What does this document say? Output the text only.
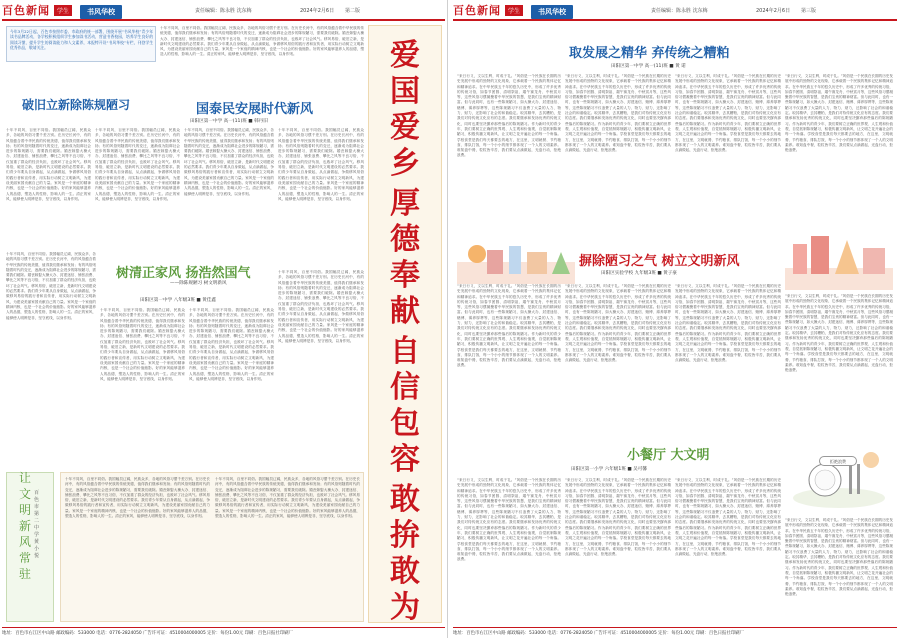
百色新闻	学生	书风华校	责任编辑：陈永胜 沈东梅	2024年2月6日 第二版
今年3月22日起，百色市按照市委、市政府的统一部署，围绕开展“书风华校”青少年读书品牌活动，各学校积极组织学生参加读书活动，营造书香校园，培养学生良好的阅读习惯，提升学生的阅读能力和人文素养，本报特开设“书风华校”专栏，刊登学生优秀作品，敬请关注。
十年不同风，百里不同俗。我国幅员辽阔，民族众多，各地的风俗习惯千差万别。在历史长河中，有的风俗蕴含着中华民族的传统美德，值得我们继承和发扬；有的风俗则随着时代的变迁，逐渐成为阻碍社会进步的陈规陋习，需要我们破除。婚丧嫁娶大操大办、封建迷信、铺张浪费、攀比之风等不良习俗，不仅加重了群众的经济负担，也败坏了社会风气。移风易俗，破旧立新，是新时代文明建设的必然要求。我们青少年要从自身做起，从点滴做起，争做移风易俗的践行者和宣传者，用实际行动树立文明新风，为建设美丽家园贡献自己的力量。家风是一个家庭的精神内核，也是一个社会的价值缩影。好的家风能够滋养人的品德，塑造人的性格，影响人的一生。清正的家风，能够使人明辨是非，坚守底线，以身作则。
破旧立新除陈规陋习	国泰民安展时代新风
田阳区第一中学 高一(11)班 ■ 韩丹旧
十年不同风，百里不同俗。我国幅员辽阔，民族众多，各地的风俗习惯千差万别。在历史长河中，有的风俗蕴含着中华民族的传统美德，值得我们继承和发扬；有的风俗则随着时代的变迁，逐渐成为阻碍社会进步的陈规陋习，需要我们破除。婚丧嫁娶大操大办、封建迷信、铺张浪费、攀比之风等不良习俗，不仅加重了群众的经济负担，也败坏了社会风气。移风易俗，破旧立新，是新时代文明建设的必然要求。我们青少年要从自身做起，从点滴做起，争做移风易俗的践行者和宣传者，用实际行动树立文明新风，为建设美丽家园贡献自己的力量。家风是一个家庭的精神内核，也是一个社会的价值缩影。好的家风能够滋养人的品德，塑造人的性格，影响人的一生。清正的家风，能够使人明辨是非，坚守底线，以身作则。
十年不同风，百里不同俗。我国幅员辽阔，民族众多，各地的风俗习惯千差万别。在历史长河中，有的风俗蕴含着中华民族的传统美德，值得我们继承和发扬；有的风俗则随着时代的变迁，逐渐成为阻碍社会进步的陈规陋习，需要我们破除。婚丧嫁娶大操大办、封建迷信、铺张浪费、攀比之风等不良习俗，不仅加重了群众的经济负担，也败坏了社会风气。移风易俗，破旧立新，是新时代文明建设的必然要求。我们青少年要从自身做起，从点滴做起，争做移风易俗的践行者和宣传者，用实际行动树立文明新风，为建设美丽家园贡献自己的力量。家风是一个家庭的精神内核，也是一个社会的价值缩影。好的家风能够滋养人的品德，塑造人的性格，影响人的一生。清正的家风，能够使人明辨是非，坚守底线，以身作则。
十年不同风，百里不同俗。我国幅员辽阔，民族众多，各地的风俗习惯千差万别。在历史长河中，有的风俗蕴含着中华民族的传统美德，值得我们继承和发扬；有的风俗则随着时代的变迁，逐渐成为阻碍社会进步的陈规陋习，需要我们破除。婚丧嫁娶大操大办、封建迷信、铺张浪费、攀比之风等不良习俗，不仅加重了群众的经济负担，也败坏了社会风气。移风易俗，破旧立新，是新时代文明建设的必然要求。我们青少年要从自身做起，从点滴做起，争做移风易俗的践行者和宣传者，用实际行动树立文明新风，为建设美丽家园贡献自己的力量。家风是一个家庭的精神内核，也是一个社会的价值缩影。好的家风能够滋养人的品德，塑造人的性格，影响人的一生。清正的家风，能够使人明辨是非，坚守底线，以身作则。
十年不同风，百里不同俗。我国幅员辽阔，民族众多，各地的风俗习惯千差万别。在历史长河中，有的风俗蕴含着中华民族的传统美德，值得我们继承和发扬；有的风俗则随着时代的变迁，逐渐成为阻碍社会进步的陈规陋习，需要我们破除。婚丧嫁娶大操大办、封建迷信、铺张浪费、攀比之风等不良习俗，不仅加重了群众的经济负担，也败坏了社会风气。移风易俗，破旧立新，是新时代文明建设的必然要求。我们青少年要从自身做起，从点滴做起，争做移风易俗的践行者和宣传者，用实际行动树立文明新风，为建设美丽家园贡献自己的力量。家风是一个家庭的精神内核，也是一个社会的价值缩影。好的家风能够滋养人的品德，塑造人的性格，影响人的一生。清正的家风，能够使人明辨是非，坚守底线，以身作则。
十年不同风，百里不同俗。我国幅员辽阔，民族众多，各地的风俗习惯千差万别。在历史长河中，有的风俗蕴含着中华民族的传统美德，值得我们继承和发扬；有的风俗则随着时代的变迁，逐渐成为阻碍社会进步的陈规陋习，需要我们破除。婚丧嫁娶大操大办、封建迷信、铺张浪费、攀比之风等不良习俗，不仅加重了群众的经济负担，也败坏了社会风气。移风易俗，破旧立新，是新时代文明建设的必然要求。我们青少年要从自身做起，从点滴做起，争做移风易俗的践行者和宣传者，用实际行动树立文明新风，为建设美丽家园贡献自己的力量。家风是一个家庭的精神内核，也是一个社会的价值缩影。好的家风能够滋养人的品德，塑造人的性格，影响人的一生。清正的家风，能够使人明辨是非，坚守底线，以身作则。
树清正家风 扬浩然国气
——除陈规陋习 树文明新风
田阳区第一中学 八年级3班 ■ 黄佳鑫
十年不同风，百里不同俗。我国幅员辽阔，民族众多，各地的风俗习惯千差万别。在历史长河中，有的风俗蕴含着中华民族的传统美德，值得我们继承和发扬；有的风俗则随着时代的变迁，逐渐成为阻碍社会进步的陈规陋习，需要我们破除。婚丧嫁娶大操大办、封建迷信、铺张浪费、攀比之风等不良习俗，不仅加重了群众的经济负担，也败坏了社会风气。移风易俗，破旧立新，是新时代文明建设的必然要求。我们青少年要从自身做起，从点滴做起，争做移风易俗的践行者和宣传者，用实际行动树立文明新风，为建设美丽家园贡献自己的力量。家风是一个家庭的精神内核，也是一个社会的价值缩影。好的家风能够滋养人的品德，塑造人的性格，影响人的一生。清正的家风，能够使人明辨是非，坚守底线，以身作则。
十年不同风，百里不同俗。我国幅员辽阔，民族众多，各地的风俗习惯千差万别。在历史长河中，有的风俗蕴含着中华民族的传统美德，值得我们继承和发扬；有的风俗则随着时代的变迁，逐渐成为阻碍社会进步的陈规陋习，需要我们破除。婚丧嫁娶大操大办、封建迷信、铺张浪费、攀比之风等不良习俗，不仅加重了群众的经济负担，也败坏了社会风气。移风易俗，破旧立新，是新时代文明建设的必然要求。我们青少年要从自身做起，从点滴做起，争做移风易俗的践行者和宣传者，用实际行动树立文明新风，为建设美丽家园贡献自己的力量。家风是一个家庭的精神内核，也是一个社会的价值缩影。好的家风能够滋养人的品德，塑造人的性格，影响人的一生。清正的家风，能够使人明辨是非，坚守底线，以身作则。
十年不同风，百里不同俗。我国幅员辽阔，民族众多，各地的风俗习惯千差万别。在历史长河中，有的风俗蕴含着中华民族的传统美德，值得我们继承和发扬；有的风俗则随着时代的变迁，逐渐成为阻碍社会进步的陈规陋习，需要我们破除。婚丧嫁娶大操大办、封建迷信、铺张浪费、攀比之风等不良习俗，不仅加重了群众的经济负担，也败坏了社会风气。移风易俗，破旧立新，是新时代文明建设的必然要求。我们青少年要从自身做起，从点滴做起，争做移风易俗的践行者和宣传者，用实际行动树立文明新风，为建设美丽家园贡献自己的力量。家风是一个家庭的精神内核，也是一个社会的价值缩影。好的家风能够滋养人的品德，塑造人的性格，影响人的一生。清正的家风，能够使人明辨是非，坚守底线，以身作则。
让文明新风常驻
百色市第二中学 黄小悦
十年不同风，百里不同俗。我国幅员辽阔，民族众多，各地的风俗习惯千差万别。在历史长河中，有的风俗蕴含着中华民族的传统美德，值得我们继承和发扬；有的风俗则随着时代的变迁，逐渐成为阻碍社会进步的陈规陋习，需要我们破除。婚丧嫁娶大操大办、封建迷信、铺张浪费、攀比之风等不良习俗，不仅加重了群众的经济负担，也败坏了社会风气。移风易俗，破旧立新，是新时代文明建设的必然要求。我们青少年要从自身做起，从点滴做起，争做移风易俗的践行者和宣传者，用实际行动树立文明新风，为建设美丽家园贡献自己的力量。家风是一个家庭的精神内核，也是一个社会的价值缩影。好的家风能够滋养人的品德，塑造人的性格，影响人的一生。清正的家风，能够使人明辨是非，坚守底线，以身作则。
十年不同风，百里不同俗。我国幅员辽阔，民族众多，各地的风俗习惯千差万别。在历史长河中，有的风俗蕴含着中华民族的传统美德，值得我们继承和发扬；有的风俗则随着时代的变迁，逐渐成为阻碍社会进步的陈规陋习，需要我们破除。婚丧嫁娶大操大办、封建迷信、铺张浪费、攀比之风等不良习俗，不仅加重了群众的经济负担，也败坏了社会风气。移风易俗，破旧立新，是新时代文明建设的必然要求。我们青少年要从自身做起，从点滴做起，争做移风易俗的践行者和宣传者，用实际行动树立文明新风，为建设美丽家园贡献自己的力量。家风是一个家庭的精神内核，也是一个社会的价值缩影。好的家风能够滋养人的品德，塑造人的性格，影响人的一生。清正的家风，能够使人明辨是非，坚守底线，以身作则。
爱
国
爱
乡
厚
德
奉
献
自
信
包
容
敢
拚
敢
为
地址：百色市右江区中山路 邮政编码：533000 电话：0776-2824050 广告许可证：4510004000005 定价：每份1.00元 印刷：百色日报社印刷厂
百色新闻	学生	书风华校	责任编辑：陈永胜 沈东梅	2024年2月6日 第三版
取发展之精华 弃传统之糟粕
田阳区第一中学 高一(11)班 ■ 黄 诺
“来日行义，文以生利，时成于礼。”风俗是一个民族在长期的历史发展中形成的独特的文化现象，它承载着一个民族的集体记忆和精神追求。在中华民族五千年的悠久历史中，形成了许多优秀的传统习俗，如春节团圆、清明祭祖、端午赛龙舟、中秋赏月等，这些风俗习惯凝聚着中华民族的智慧，是我们宝贵的精神财富。但与此同时，也有一些陈规陋习，如大操大办、封建迷信、赌博、薄养厚葬等，这些陈规陋习不仅浪费了大量的人力、物力、财力，还影响了社会的和谐稳定。取其精华，去其糟粕，是我们对待传统文化应有的态度。我们要继承和发扬优秀的传统文化，同时也要坚决摒弃那些落后的陈规陋习。作为新时代的青少年，我们要树立正确的世界观、人生观和价值观，自觉抵制陈规陋习，积极传播文明新风，让文明之花开遍社会的每一个角落。学校食堂是我们每天都要去的地方，在这里，文明就餐、节约粮食、排队打饭，每一个小小的细节都体现了一个人的文明素养。谁知盘中餐，粒粒皆辛苦，我们要从点滴做起，光盘行动，拒绝浪费。
“来日行义，文以生利，时成于礼。”风俗是一个民族在长期的历史发展中形成的独特的文化现象，它承载着一个民族的集体记忆和精神追求。在中华民族五千年的悠久历史中，形成了许多优秀的传统习俗，如春节团圆、清明祭祖、端午赛龙舟、中秋赏月等，这些风俗习惯凝聚着中华民族的智慧，是我们宝贵的精神财富。但与此同时，也有一些陈规陋习，如大操大办、封建迷信、赌博、薄养厚葬等，这些陈规陋习不仅浪费了大量的人力、物力、财力，还影响了社会的和谐稳定。取其精华，去其糟粕，是我们对待传统文化应有的态度。我们要继承和发扬优秀的传统文化，同时也要坚决摒弃那些落后的陈规陋习。作为新时代的青少年，我们要树立正确的世界观、人生观和价值观，自觉抵制陈规陋习，积极传播文明新风，让文明之花开遍社会的每一个角落。学校食堂是我们每天都要去的地方，在这里，文明就餐、节约粮食、排队打饭，每一个小小的细节都体现了一个人的文明素养。谁知盘中餐，粒粒皆辛苦，我们要从点滴做起，光盘行动，拒绝浪费。
“来日行义，文以生利，时成于礼。”风俗是一个民族在长期的历史发展中形成的独特的文化现象，它承载着一个民族的集体记忆和精神追求。在中华民族五千年的悠久历史中，形成了许多优秀的传统习俗，如春节团圆、清明祭祖、端午赛龙舟、中秋赏月等，这些风俗习惯凝聚着中华民族的智慧，是我们宝贵的精神财富。但与此同时，也有一些陈规陋习，如大操大办、封建迷信、赌博、薄养厚葬等，这些陈规陋习不仅浪费了大量的人力、物力、财力，还影响了社会的和谐稳定。取其精华，去其糟粕，是我们对待传统文化应有的态度。我们要继承和发扬优秀的传统文化，同时也要坚决摒弃那些落后的陈规陋习。作为新时代的青少年，我们要树立正确的世界观、人生观和价值观，自觉抵制陈规陋习，积极传播文明新风，让文明之花开遍社会的每一个角落。学校食堂是我们每天都要去的地方，在这里，文明就餐、节约粮食、排队打饭，每一个小小的细节都体现了一个人的文明素养。谁知盘中餐，粒粒皆辛苦，我们要从点滴做起，光盘行动，拒绝浪费。
“来日行义，文以生利，时成于礼。”风俗是一个民族在长期的历史发展中形成的独特的文化现象，它承载着一个民族的集体记忆和精神追求。在中华民族五千年的悠久历史中，形成了许多优秀的传统习俗，如春节团圆、清明祭祖、端午赛龙舟、中秋赏月等，这些风俗习惯凝聚着中华民族的智慧，是我们宝贵的精神财富。但与此同时，也有一些陈规陋习，如大操大办、封建迷信、赌博、薄养厚葬等，这些陈规陋习不仅浪费了大量的人力、物力、财力，还影响了社会的和谐稳定。取其精华，去其糟粕，是我们对待传统文化应有的态度。我们要继承和发扬优秀的传统文化，同时也要坚决摒弃那些落后的陈规陋习。作为新时代的青少年，我们要树立正确的世界观、人生观和价值观，自觉抵制陈规陋习，积极传播文明新风，让文明之花开遍社会的每一个角落。学校食堂是我们每天都要去的地方，在这里，文明就餐、节约粮食、排队打饭，每一个小小的细节都体现了一个人的文明素养。谁知盘中餐，粒粒皆辛苦，我们要从点滴做起，光盘行动，拒绝浪费。
摒除陋习之气 树立文明新风
田阳区实验学校 九年级3班 ■ 黄子豪
“来日行义，文以生利，时成于礼。”风俗是一个民族在长期的历史发展中形成的独特的文化现象，它承载着一个民族的集体记忆和精神追求。在中华民族五千年的悠久历史中，形成了许多优秀的传统习俗，如春节团圆、清明祭祖、端午赛龙舟、中秋赏月等，这些风俗习惯凝聚着中华民族的智慧，是我们宝贵的精神财富。但与此同时，也有一些陈规陋习，如大操大办、封建迷信、赌博、薄养厚葬等，这些陈规陋习不仅浪费了大量的人力、物力、财力，还影响了社会的和谐稳定。取其精华，去其糟粕，是我们对待传统文化应有的态度。我们要继承和发扬优秀的传统文化，同时也要坚决摒弃那些落后的陈规陋习。作为新时代的青少年，我们要树立正确的世界观、人生观和价值观，自觉抵制陈规陋习，积极传播文明新风，让文明之花开遍社会的每一个角落。学校食堂是我们每天都要去的地方，在这里，文明就餐、节约粮食、排队打饭，每一个小小的细节都体现了一个人的文明素养。谁知盘中餐，粒粒皆辛苦，我们要从点滴做起，光盘行动，拒绝浪费。
“来日行义，文以生利，时成于礼。”风俗是一个民族在长期的历史发展中形成的独特的文化现象，它承载着一个民族的集体记忆和精神追求。在中华民族五千年的悠久历史中，形成了许多优秀的传统习俗，如春节团圆、清明祭祖、端午赛龙舟、中秋赏月等，这些风俗习惯凝聚着中华民族的智慧，是我们宝贵的精神财富。但与此同时，也有一些陈规陋习，如大操大办、封建迷信、赌博、薄养厚葬等，这些陈规陋习不仅浪费了大量的人力、物力、财力，还影响了社会的和谐稳定。取其精华，去其糟粕，是我们对待传统文化应有的态度。我们要继承和发扬优秀的传统文化，同时也要坚决摒弃那些落后的陈规陋习。作为新时代的青少年，我们要树立正确的世界观、人生观和价值观，自觉抵制陈规陋习，积极传播文明新风，让文明之花开遍社会的每一个角落。学校食堂是我们每天都要去的地方，在这里，文明就餐、节约粮食、排队打饭，每一个小小的细节都体现了一个人的文明素养。谁知盘中餐，粒粒皆辛苦，我们要从点滴做起，光盘行动，拒绝浪费。
“来日行义，文以生利，时成于礼。”风俗是一个民族在长期的历史发展中形成的独特的文化现象，它承载着一个民族的集体记忆和精神追求。在中华民族五千年的悠久历史中，形成了许多优秀的传统习俗，如春节团圆、清明祭祖、端午赛龙舟、中秋赏月等，这些风俗习惯凝聚着中华民族的智慧，是我们宝贵的精神财富。但与此同时，也有一些陈规陋习，如大操大办、封建迷信、赌博、薄养厚葬等，这些陈规陋习不仅浪费了大量的人力、物力、财力，还影响了社会的和谐稳定。取其精华，去其糟粕，是我们对待传统文化应有的态度。我们要继承和发扬优秀的传统文化，同时也要坚决摒弃那些落后的陈规陋习。作为新时代的青少年，我们要树立正确的世界观、人生观和价值观，自觉抵制陈规陋习，积极传播文明新风，让文明之花开遍社会的每一个角落。学校食堂是我们每天都要去的地方，在这里，文明就餐、节约粮食、排队打饭，每一个小小的细节都体现了一个人的文明素养。谁知盘中餐，粒粒皆辛苦，我们要从点滴做起，光盘行动，拒绝浪费。
“来日行义，文以生利，时成于礼。”风俗是一个民族在长期的历史发展中形成的独特的文化现象，它承载着一个民族的集体记忆和精神追求。在中华民族五千年的悠久历史中，形成了许多优秀的传统习俗，如春节团圆、清明祭祖、端午赛龙舟、中秋赏月等，这些风俗习惯凝聚着中华民族的智慧，是我们宝贵的精神财富。但与此同时，也有一些陈规陋习，如大操大办、封建迷信、赌博、薄养厚葬等，这些陈规陋习不仅浪费了大量的人力、物力、财力，还影响了社会的和谐稳定。取其精华，去其糟粕，是我们对待传统文化应有的态度。我们要继承和发扬优秀的传统文化，同时也要坚决摒弃那些落后的陈规陋习。作为新时代的青少年，我们要树立正确的世界观、人生观和价值观，自觉抵制陈规陋习，积极传播文明新风，让文明之花开遍社会的每一个角落。学校食堂是我们每天都要去的地方，在这里，文明就餐、节约粮食、排队打饭，每一个小小的细节都体现了一个人的文明素养。谁知盘中餐，粒粒皆辛苦，我们要从点滴做起，光盘行动，拒绝浪费。
小餐厅 大文明
田阳区第一小学 六年级1班 ■ 吴可馨
“来日行义，文以生利，时成于礼。”风俗是一个民族在长期的历史发展中形成的独特的文化现象，它承载着一个民族的集体记忆和精神追求。在中华民族五千年的悠久历史中，形成了许多优秀的传统习俗，如春节团圆、清明祭祖、端午赛龙舟、中秋赏月等，这些风俗习惯凝聚着中华民族的智慧，是我们宝贵的精神财富。但与此同时，也有一些陈规陋习，如大操大办、封建迷信、赌博、薄养厚葬等，这些陈规陋习不仅浪费了大量的人力、物力、财力，还影响了社会的和谐稳定。取其精华，去其糟粕，是我们对待传统文化应有的态度。我们要继承和发扬优秀的传统文化，同时也要坚决摒弃那些落后的陈规陋习。作为新时代的青少年，我们要树立正确的世界观、人生观和价值观，自觉抵制陈规陋习，积极传播文明新风，让文明之花开遍社会的每一个角落。学校食堂是我们每天都要去的地方，在这里，文明就餐、节约粮食、排队打饭，每一个小小的细节都体现了一个人的文明素养。谁知盘中餐，粒粒皆辛苦，我们要从点滴做起，光盘行动，拒绝浪费。
“来日行义，文以生利，时成于礼。”风俗是一个民族在长期的历史发展中形成的独特的文化现象，它承载着一个民族的集体记忆和精神追求。在中华民族五千年的悠久历史中，形成了许多优秀的传统习俗，如春节团圆、清明祭祖、端午赛龙舟、中秋赏月等，这些风俗习惯凝聚着中华民族的智慧，是我们宝贵的精神财富。但与此同时，也有一些陈规陋习，如大操大办、封建迷信、赌博、薄养厚葬等，这些陈规陋习不仅浪费了大量的人力、物力、财力，还影响了社会的和谐稳定。取其精华，去其糟粕，是我们对待传统文化应有的态度。我们要继承和发扬优秀的传统文化，同时也要坚决摒弃那些落后的陈规陋习。作为新时代的青少年，我们要树立正确的世界观、人生观和价值观，自觉抵制陈规陋习，积极传播文明新风，让文明之花开遍社会的每一个角落。学校食堂是我们每天都要去的地方，在这里，文明就餐、节约粮食、排队打饭，每一个小小的细节都体现了一个人的文明素养。谁知盘中餐，粒粒皆辛苦，我们要从点滴做起，光盘行动，拒绝浪费。
“来日行义，文以生利，时成于礼。”风俗是一个民族在长期的历史发展中形成的独特的文化现象，它承载着一个民族的集体记忆和精神追求。在中华民族五千年的悠久历史中，形成了许多优秀的传统习俗，如春节团圆、清明祭祖、端午赛龙舟、中秋赏月等，这些风俗习惯凝聚着中华民族的智慧，是我们宝贵的精神财富。但与此同时，也有一些陈规陋习，如大操大办、封建迷信、赌博、薄养厚葬等，这些陈规陋习不仅浪费了大量的人力、物力、财力，还影响了社会的和谐稳定。取其精华，去其糟粕，是我们对待传统文化应有的态度。我们要继承和发扬优秀的传统文化，同时也要坚决摒弃那些落后的陈规陋习。作为新时代的青少年，我们要树立正确的世界观、人生观和价值观，自觉抵制陈规陋习，积极传播文明新风，让文明之花开遍社会的每一个角落。学校食堂是我们每天都要去的地方，在这里，文明就餐、节约粮食、排队打饭，每一个小小的细节都体现了一个人的文明素养。谁知盘中餐，粒粒皆辛苦，我们要从点滴做起，光盘行动，拒绝浪费。
拒绝浪费
“来日行义，文以生利，时成于礼。”风俗是一个民族在长期的历史发展中形成的独特的文化现象，它承载着一个民族的集体记忆和精神追求。在中华民族五千年的悠久历史中，形成了许多优秀的传统习俗，如春节团圆、清明祭祖、端午赛龙舟、中秋赏月等，这些风俗习惯凝聚着中华民族的智慧，是我们宝贵的精神财富。但与此同时，也有一些陈规陋习，如大操大办、封建迷信、赌博、薄养厚葬等，这些陈规陋习不仅浪费了大量的人力、物力、财力，还影响了社会的和谐稳定。取其精华，去其糟粕，是我们对待传统文化应有的态度。我们要继承和发扬优秀的传统文化，同时也要坚决摒弃那些落后的陈规陋习。作为新时代的青少年，我们要树立正确的世界观、人生观和价值观，自觉抵制陈规陋习，积极传播文明新风，让文明之花开遍社会的每一个角落。学校食堂是我们每天都要去的地方，在这里，文明就餐、节约粮食、排队打饭，每一个小小的细节都体现了一个人的文明素养。谁知盘中餐，粒粒皆辛苦，我们要从点滴做起，光盘行动，拒绝浪费。
地址：百色市右江区中山路 邮政编码：533000 电话：0776-2824050 广告许可证：4510004000005 定价：每份1.00元 印刷：百色日报社印刷厂
